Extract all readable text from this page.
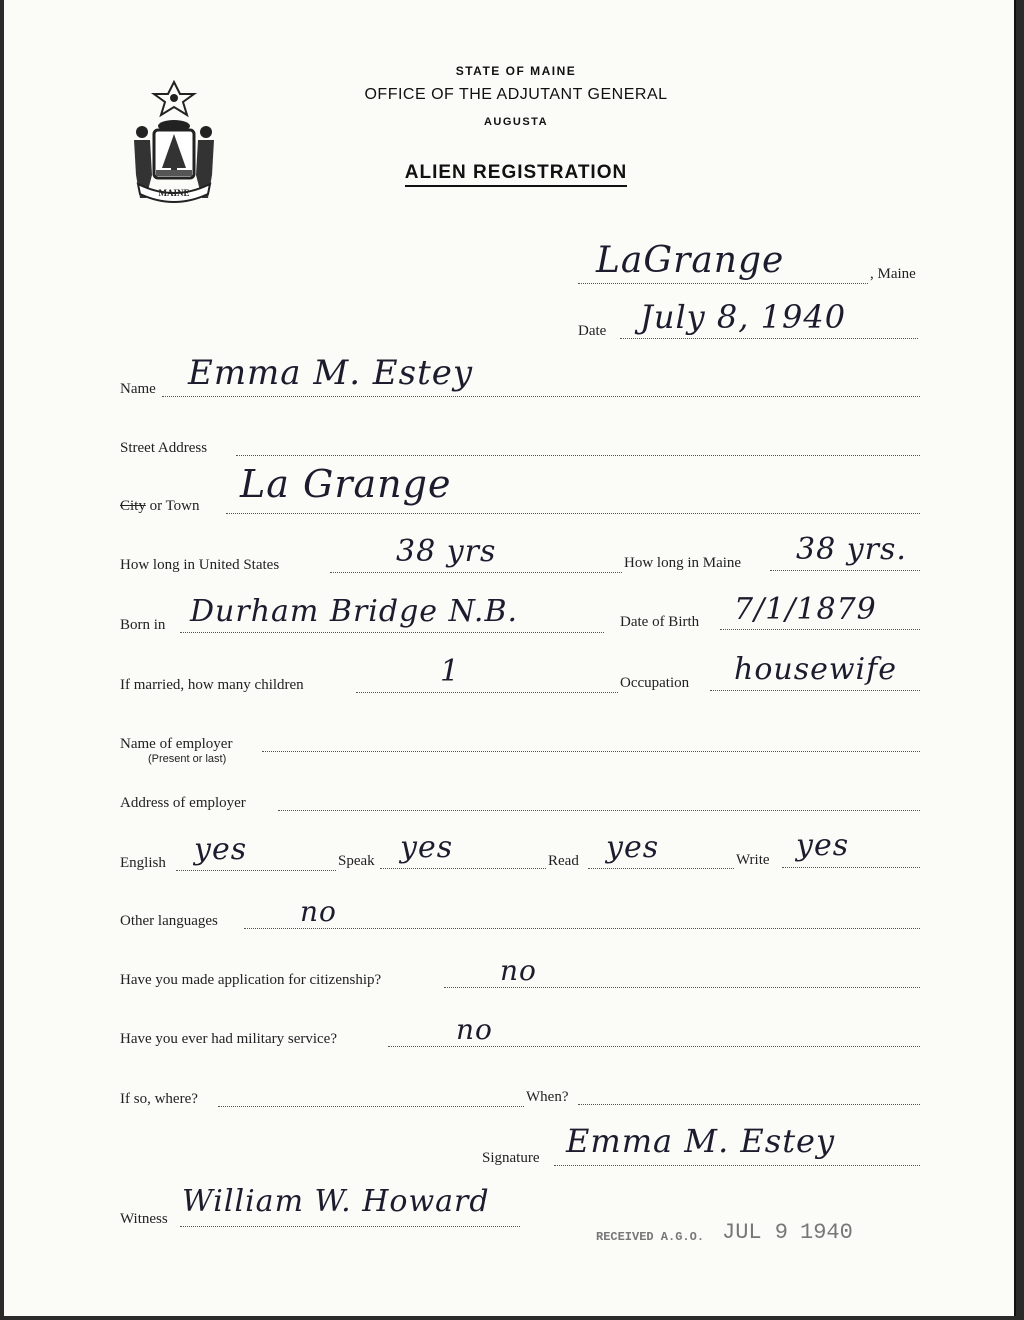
MAINE
STATE OF MAINE
OFFICE OF THE ADJUTANT GENERAL
AUGUSTA
ALIEN REGISTRATION
LaGrange	, Maine
Date July 8, 1940
Name Emma M. Estey
Street Address
City or Town La Grange
How long in United States	38 yrs	How long in Maine 38 yrs.
Born in Durham Bridge N.B.	Date of Birth 7/1/1879
If married, how many children	1	Occupation housewife
Name of employer
(Present or last)
Address of employer
English yes	Speak yes	Read yes	Write yes
Other languages	no
Have you made application for citizenship?	no
Have you ever had military service?	no
If so, where?	When?
Signature Emma M. Estey
Witness William W. Howard
RECEIVED A.G.O. JUL 9 1940
